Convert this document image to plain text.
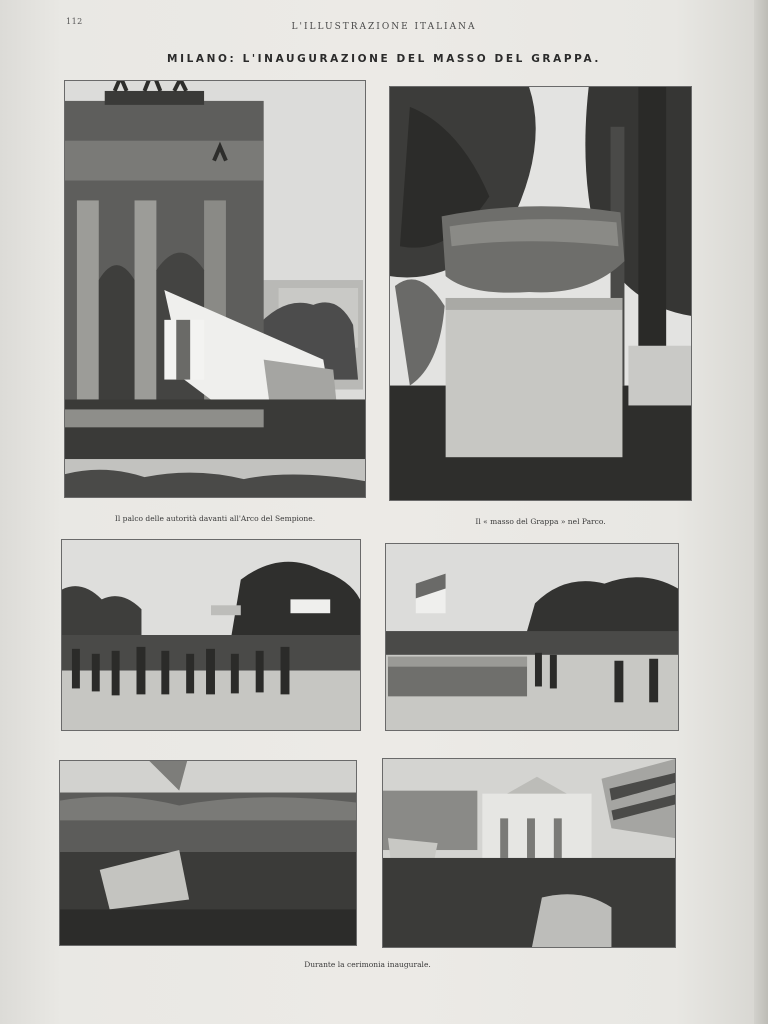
112
L'ILLUSTRAZIONE ITALIANA
MILANO: L'INAUGURAZIONE DEL MASSO DEL GRAPPA.
Il palco delle autorità davanti all'Arco del Sempione.	Il « masso del Grappa » nel Parco.
Durante la cerimonia inaugurale.
